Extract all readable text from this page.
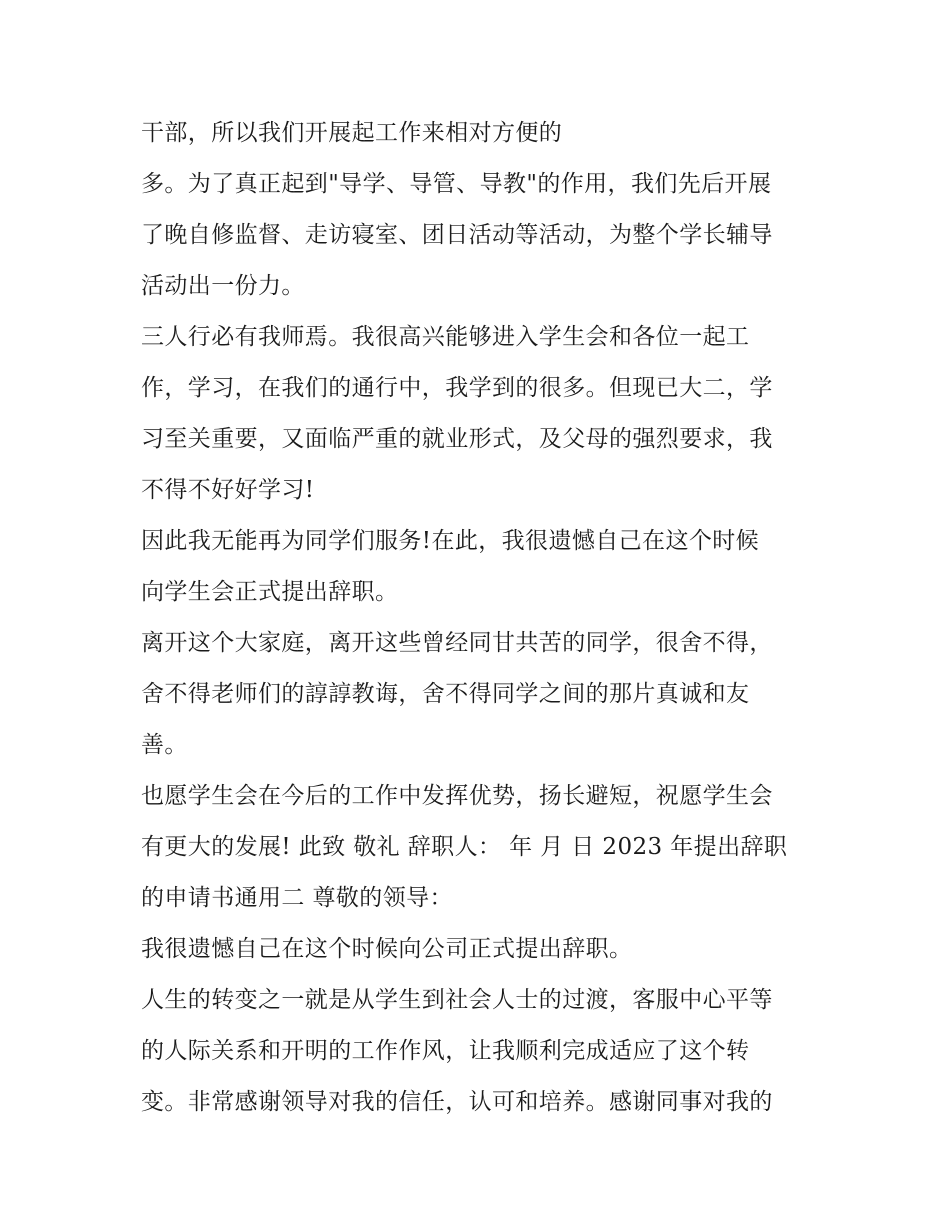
干部，所以我们开展起工作来相对方便的
多。为了真正起到"导学、导管、导教"的作用，我们先后开展
了晚自修监督、走访寝室、团日活动等活动，为整个学长辅导
活动出一份力。
三人行必有我师焉。我很高兴能够进入学生会和各位一起工
作，学习，在我们的通行中，我学到的很多。但现已大二，学
习至关重要，又面临严重的就业形式，及父母的强烈要求，我
不得不好好学习!
因此我无能再为同学们服务!在此，我很遗憾自己在这个时候
向学生会正式提出辞职。
离开这个大家庭，离开这些曾经同甘共苦的同学，很舍不得，
舍不得老师们的諄諄教诲，舍不得同学之间的那片真诚和友
善。
也愿学生会在今后的工作中发挥优势，扬长避短，祝愿学生会
有更大的发展! 此致 敬礼 辞职人： 年 月 日 2023 年提出辞职
的申请书通用二 尊敬的领导：
我很遗憾自己在这个时候向公司正式提出辞职。
人生的转变之一就是从学生到社会人士的过渡，客服中心平等
的人际关系和开明的工作作风，让我顺利完成适应了这个转
变。非常感谢领导对我的信任，认可和培养。感谢同事对我的
